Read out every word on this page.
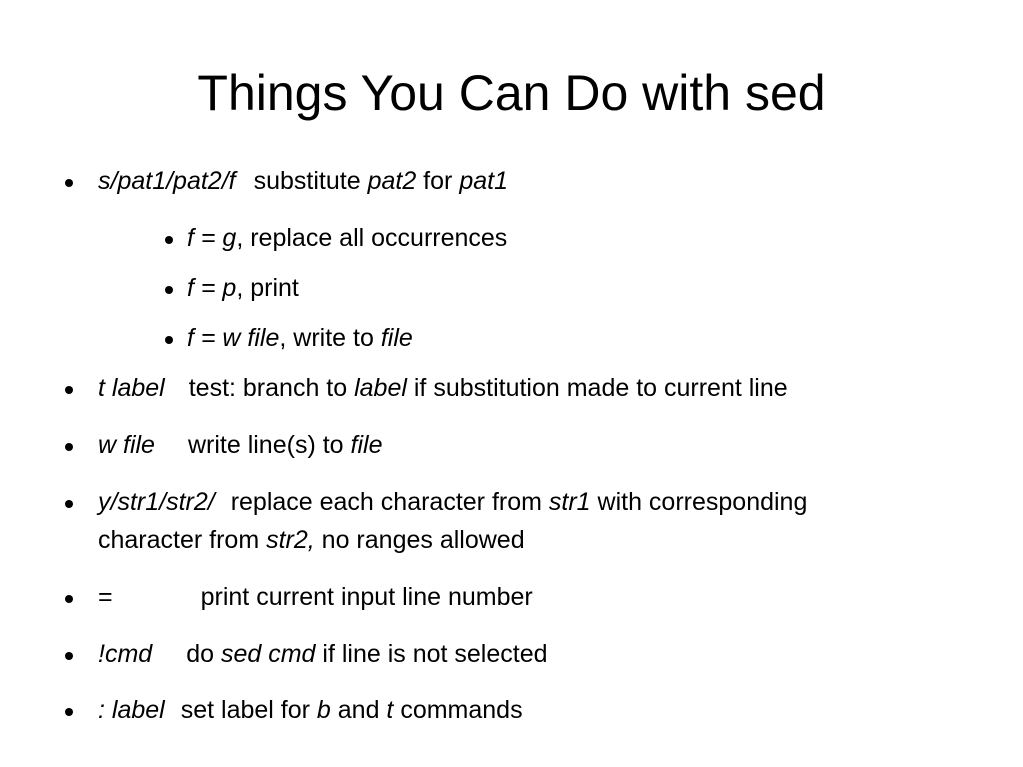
Things You Can Do with sed
s/pat1/pat2/f substitute pat2 for pat1
f = g, replace all occurrences
f = p, print
f = w file, write to file
t label test: branch to label if substitution made to current line
w file write line(s) to file
y/str1/str2/ replace each character from str1 with corresponding
character from str2, no ranges allowed
=	print current input line number
!cmd do sed cmd if line is not selected
: label set label for b and t commands
